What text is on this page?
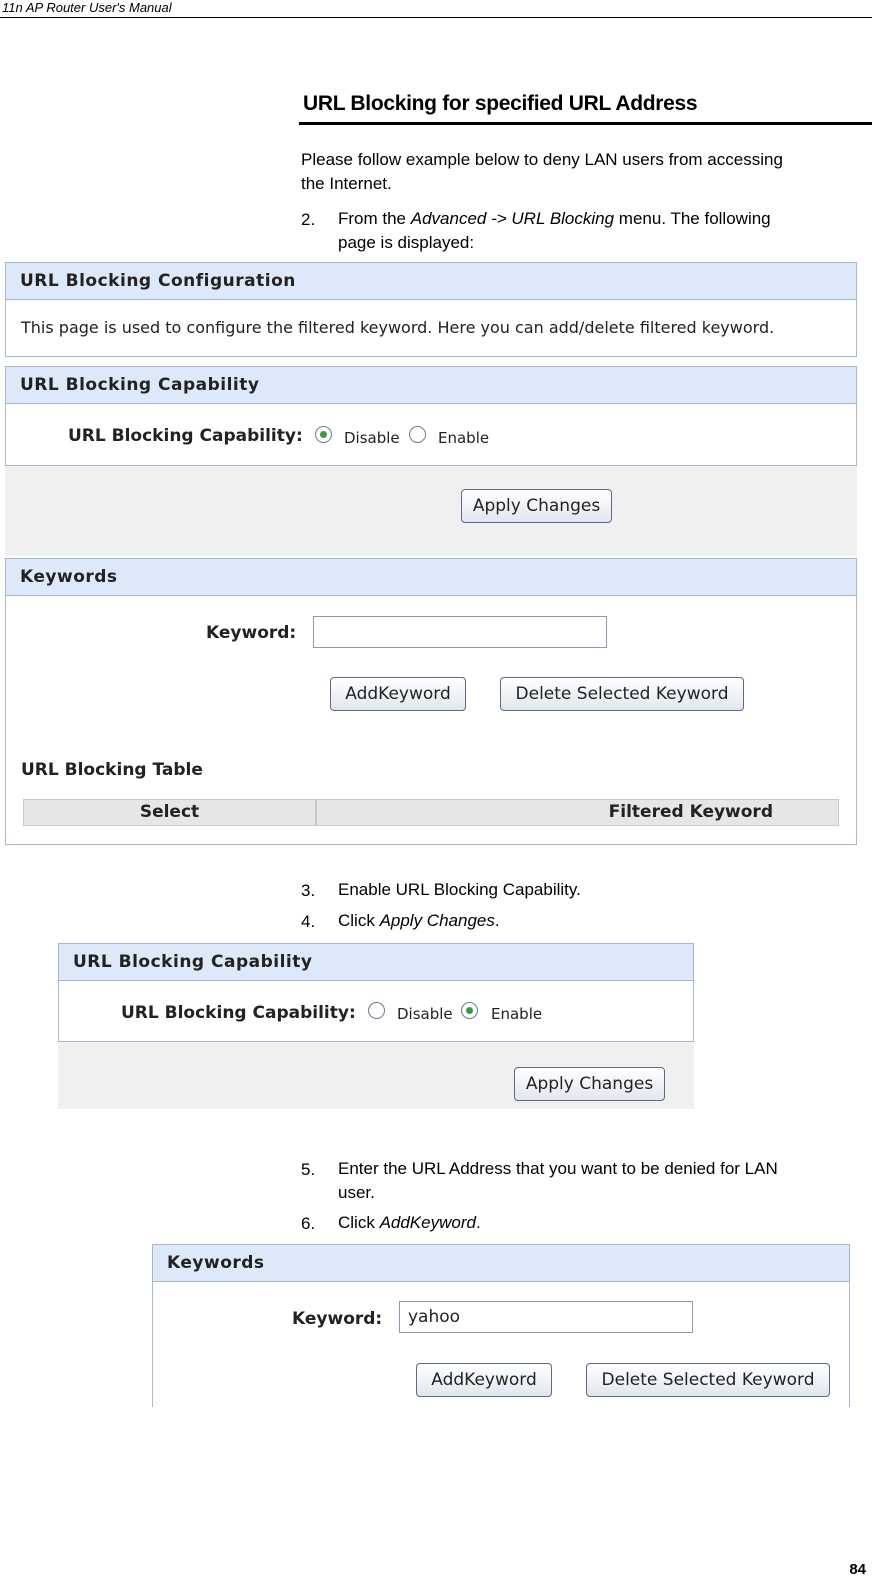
11n AP Router User's Manual
URL Blocking for specified URL Address
Please follow example below to deny LAN users from accessing
the Internet.
2. From the Advanced -> URL Blocking menu. The following
page is displayed:
URL Blocking Configuration
This page is used to configure the filtered keyword. Here you can add/delete filtered keyword.
URL Blocking Capability
URL Blocking Capability:	Disable	Enable
Apply Changes
Keywords
Keyword:
AddKeyword	Delete Selected Keyword
URL Blocking Table
Select	Filtered Keyword
3. Enable URL Blocking Capability.
4. Click Apply Changes.
URL Blocking Capability
URL Blocking Capability:	Disable	Enable
Apply Changes
5. Enter the URL Address that you want to be denied for LAN
user.
6. Click AddKeyword.
Keywords
Keyword:	yahoo
AddKeyword	Delete Selected Keyword
84
